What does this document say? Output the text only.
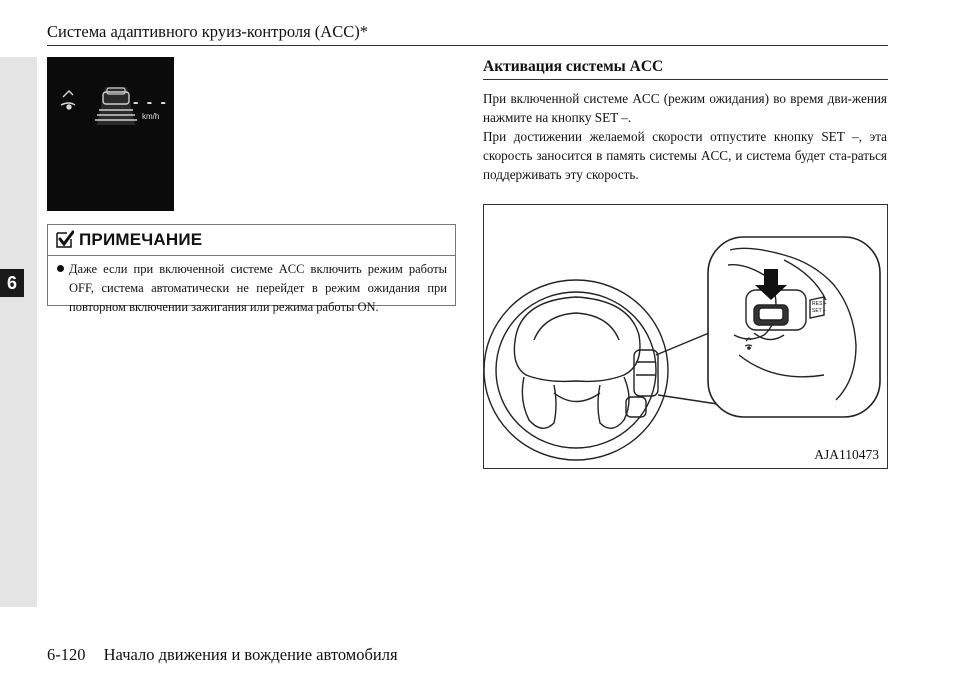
6
Система адаптивного круиз-контроля (ACC)*
- - -
km/h
ПРИМЕЧАНИЕ
Даже если при включенной системе ACC включить режим работы OFF, система автоматически не перейдет в режим ожидания при повторном включении зажигания или режима работы ON.
Активация системы ACC

При включенной системе ACC (режим ожидания) во время дви-жения нажмите на кнопку SET –.

При достижении желаемой скорости отпустите кнопку SET –, эта скорость заносится в память системы ACC, и система будет ста-раться поддерживать эту скорость.

RES +
SET –
AJA110473
6-120 Начало движения и вождение автомобиля
